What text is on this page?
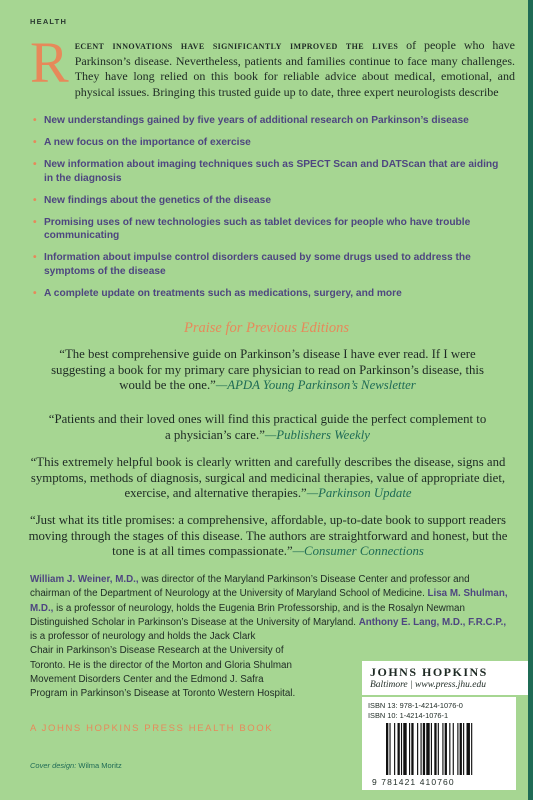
HEALTH

Recent innovations have significantly improved the lives of people who have Parkinson’s disease. Nevertheless, patients and families continue to face many challenges. They have long relied on this book for reliable advice about medical, emotional, and physical issues. Bringing this trusted guide up to date, three expert neurologists describe

• New understandings gained by five years of additional research on Parkinson’s disease
• A new focus on the importance of exercise
• New information about imaging techniques such as SPECT Scan and DATScan that are aiding in the diagnosis
• New findings about the genetics of the disease
• Promising uses of new technologies such as tablet devices for people who have trouble communicating
• Information about impulse control disorders caused by some drugs used to address the symptoms of the disease
• A complete update on treatments such as medications, surgery, and more
Praise for Previous Editions

“The best comprehensive guide on Parkinson’s disease I have ever read. If I were suggesting a book for my primary care physician to read on Parkinson’s disease, this would be the one.”—APDA Young Parkinson’s Newsletter

“Patients and their loved ones will find this practical guide the perfect complement to a physician’s care.”—Publishers Weekly

“This extremely helpful book is clearly written and carefully describes the disease, signs and symptoms, methods of diagnosis, surgical and medicinal therapies, value of appropriate diet, exercise, and alternative therapies.”—Parkinson Update

“Just what its title promises: a comprehensive, affordable, up-to-date book to support readers moving through the stages of this disease. The authors are straightforward and honest, but the tone is at all times compassionate.”—Consumer Connections

William J. Weiner, M.D., was director of the Maryland Parkinson’s Disease Center and professor and chairman of the Department of Neurology at the University of Maryland School of Medicine. Lisa M. Shulman, M.D., is a professor of neurology, holds the Eugenia Brin Professorship, and is the Rosalyn Newman Distinguished Scholar in Parkinson’s Disease at the University of Maryland. Anthony E. Lang, M.D., F.R.C.P., is a professor of neurology and holds the Jack Clark
Chair in Parkinson’s Disease Research at the University of
Toronto. He is the director of the Morton and Gloria Shulman
Movement Disorders Center and the Edmond J. Safra
Program in Parkinson’s Disease at Toronto Western Hospital.

A JOHNS HOPKINS PRESS HEALTH BOOK

Cover design: Wilma Moritz

JOHNS HOPKINS
Baltimore | www.press.jhu.edu
ISBN 13: 978-1-4214-1076-0
ISBN 10: 1-4214-1076-1
9 781421 410760
